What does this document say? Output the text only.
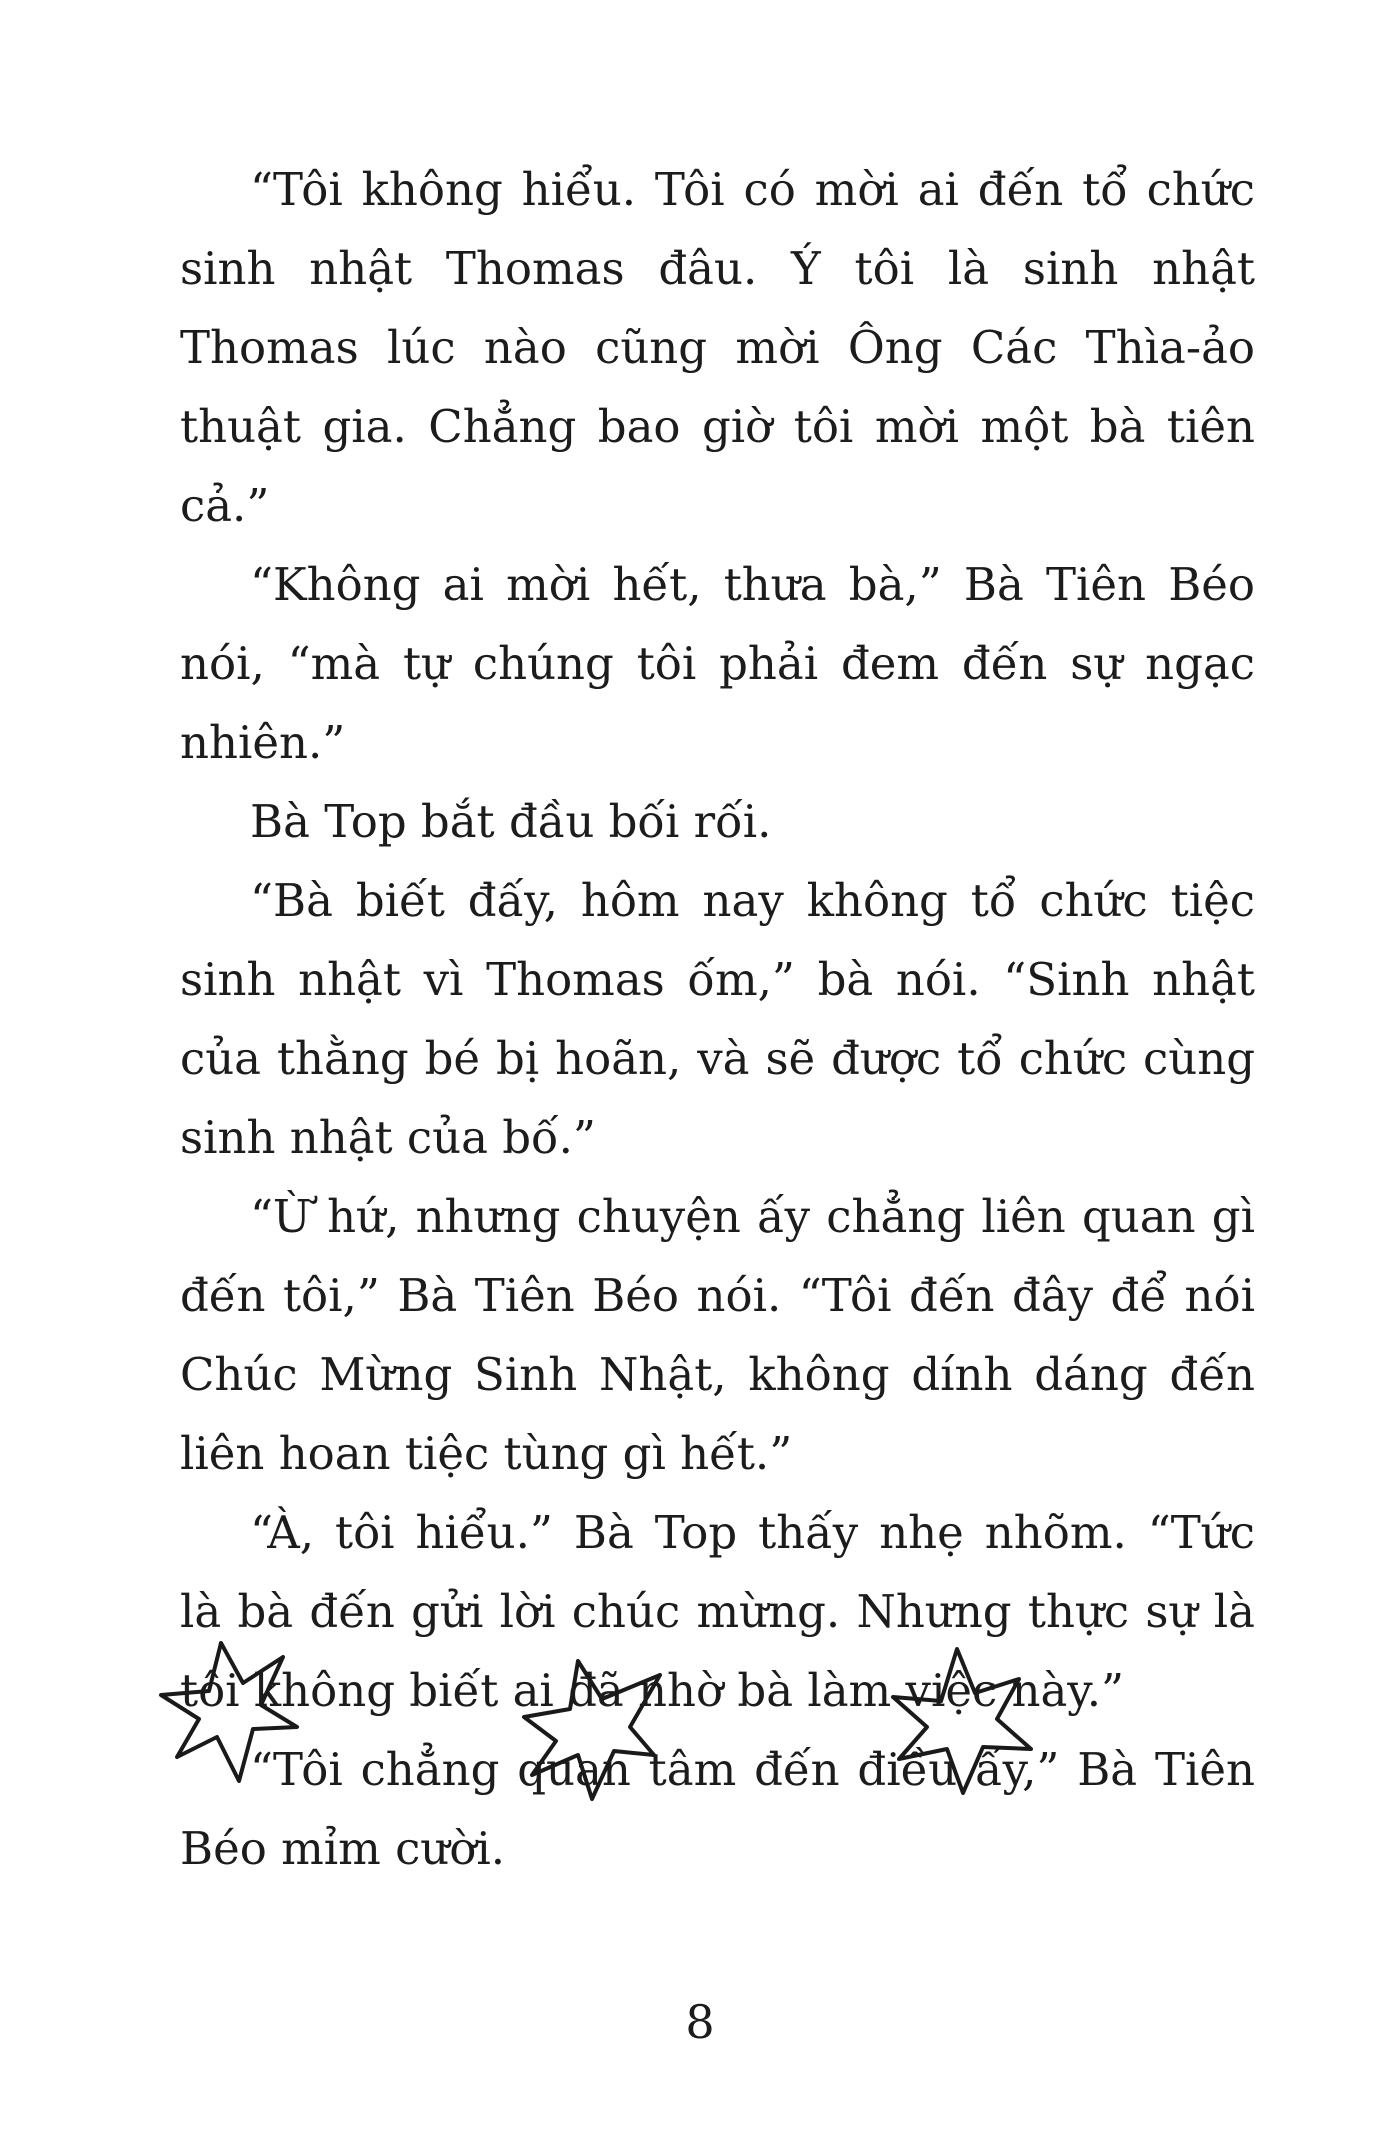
“Tôi không hiểu. Tôi có mời ai đến tổ chức sinh nhật Thomas đâu. Ý tôi là sinh nhật Thomas lúc nào cũng mời Ông Các Thìa-ảo thuật gia. Chẳng bao giờ tôi mời một bà tiên cả.”

“Không ai mời hết, thưa bà,” Bà Tiên Béo nói, “mà tự chúng tôi phải đem đến sự ngạc nhiên.”

Bà Top bắt đầu bối rối.

“Bà biết đấy, hôm nay không tổ chức tiệc sinh nhật vì Thomas ốm,” bà nói. “Sinh nhật của thằng bé bị hoãn, và sẽ được tổ chức cùng sinh nhật của bố.”

“Ừ hứ, nhưng chuyện ấy chẳng liên quan gì đến tôi,” Bà Tiên Béo nói. “Tôi đến đây để nói Chúc Mừng Sinh Nhật, không dính dáng đến liên hoan tiệc tùng gì hết.”

“À, tôi hiểu.” Bà Top thấy nhẹ nhõm. “Tức là bà đến gửi lời chúc mừng. Nhưng thực sự là tôi không biết ai đã nhờ bà làm việc này.”

“Tôi chẳng quan tâm đến điều ấy,” Bà Tiên Béo mỉm cười.

8
